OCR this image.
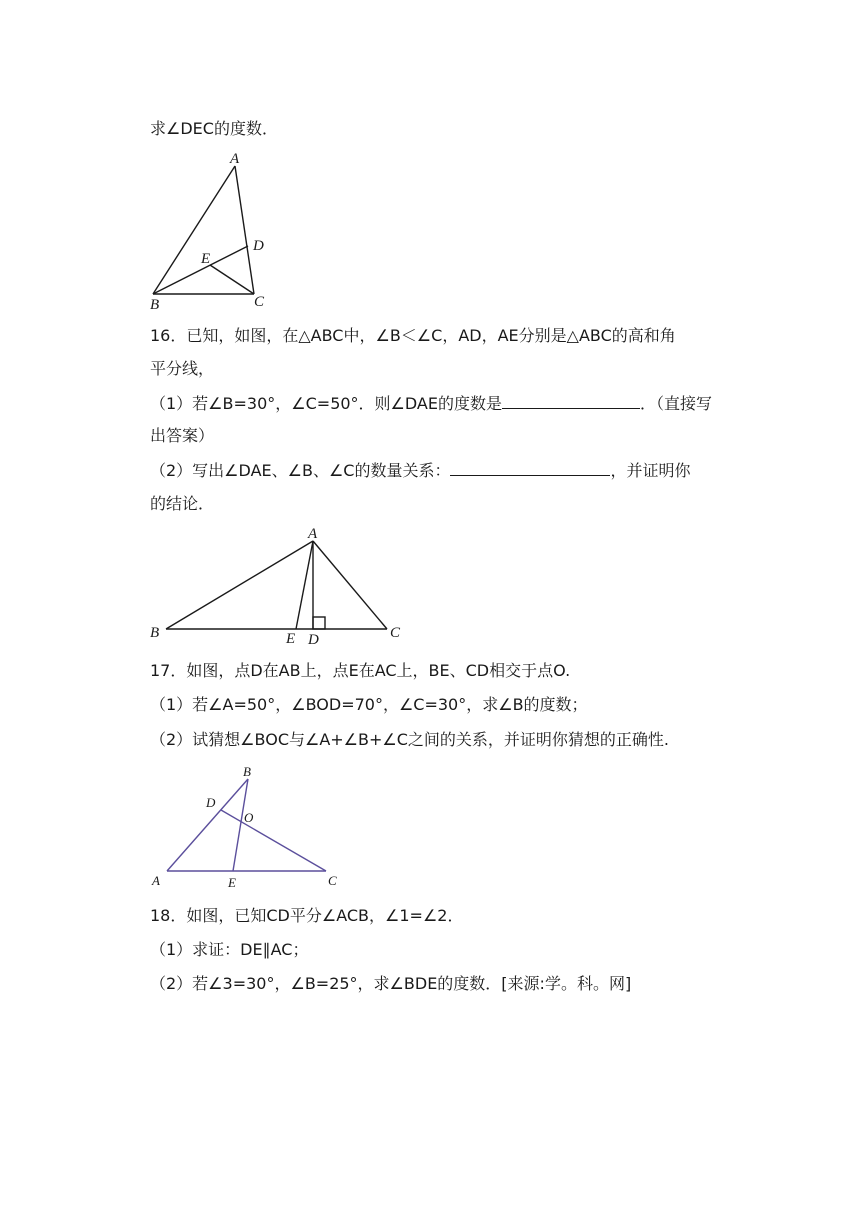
求∠DEC的度数．
A
D
E
B	C
16．已知，如图，在△ABC中，∠B＜∠C，AD，AE分别是△ABC的高和角
平分线，
（1）若∠B=30°，∠C=50°．则∠DAE的度数是	．（直接写
出答案）
（2）写出∠DAE、∠B、∠C的数量关系：	，并证明你
的结论．
A
B	E D	C
17．如图，点D在AB上，点E在AC上，BE、CD相交于点O.
（1）若∠A=50°，∠BOD=70°，∠C=30°，求∠B的度数；
（2）试猜想∠BOC与∠A+∠B+∠C之间的关系，并证明你猜想的正确性.
B
D
O
A	E	C
18．如图，已知CD平分∠ACB，∠1=∠2．
（1）求证：DE∥AC；
（2）若∠3=30°，∠B=25°，求∠BDE的度数．[来源:学。科。网]
